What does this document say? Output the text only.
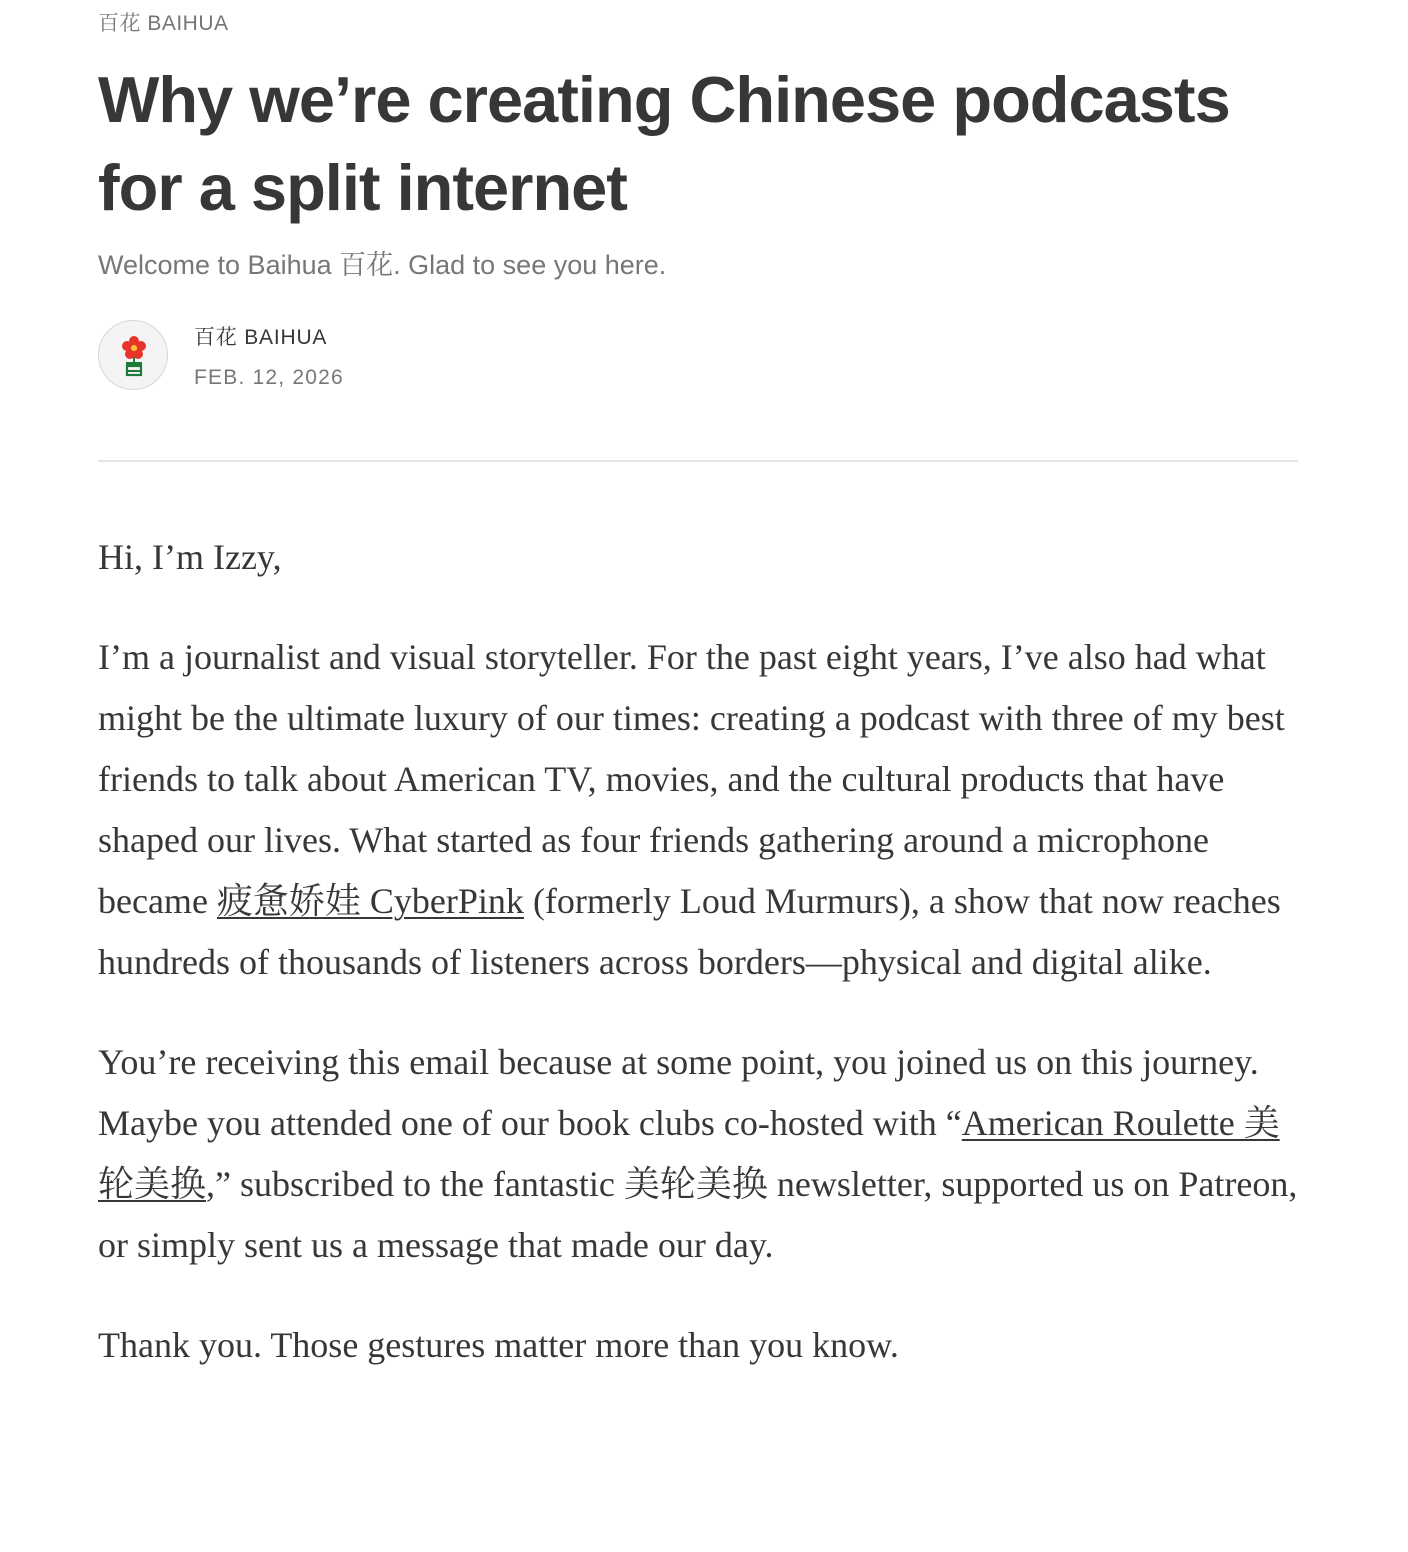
百花 BAIHUA
Why we’re creating Chinese podcasts for a split internet
Welcome to Baihua 百花. Glad to see you here.
百花 BAIHUA
FEB. 12, 2026

Hi, I’m Izzy,

I’m a journalist and visual storyteller. For the past eight years, I’ve also had what might be the ultimate luxury of our times: creating a podcast with three of my best friends to talk about American TV, movies, and the cultural products that have shaped our lives. What started as four friends gathering around a microphone became 疲惫娇娃 CyberPink (formerly Loud Murmurs), a show that now reaches hundreds of thousands of listeners across borders—physical and digital alike.

You’re receiving this email because at some point, you joined us on this journey. Maybe you attended one of our book clubs co-hosted with “American Roulette 美轮美换,” subscribed to the fantastic 美轮美换 newsletter, supported us on Patreon, or simply sent us a message that made our day.

Thank you. Those gestures matter more than you know.
